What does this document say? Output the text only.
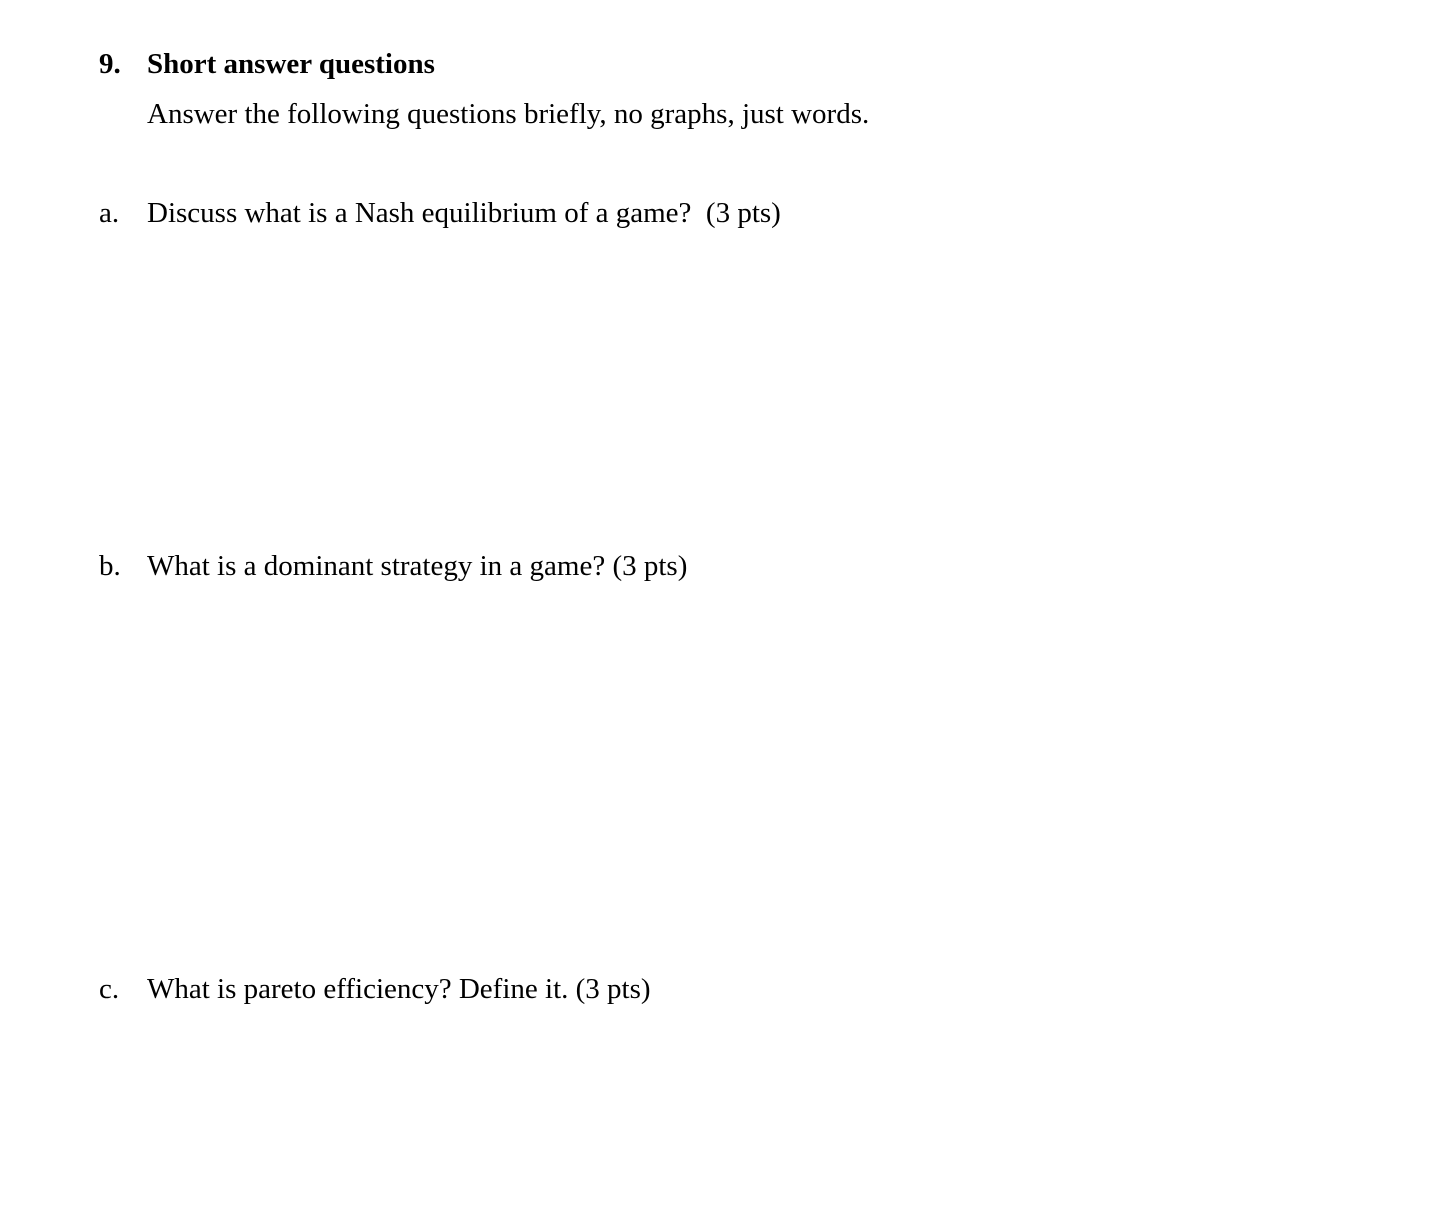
9. Short answer questions
Answer the following questions briefly, no graphs, just words.
a. Discuss what is a Nash equilibrium of a game?  (3 pts)
b. What is a dominant strategy in a game? (3 pts)
c. What is pareto efficiency? Define it. (3 pts)
